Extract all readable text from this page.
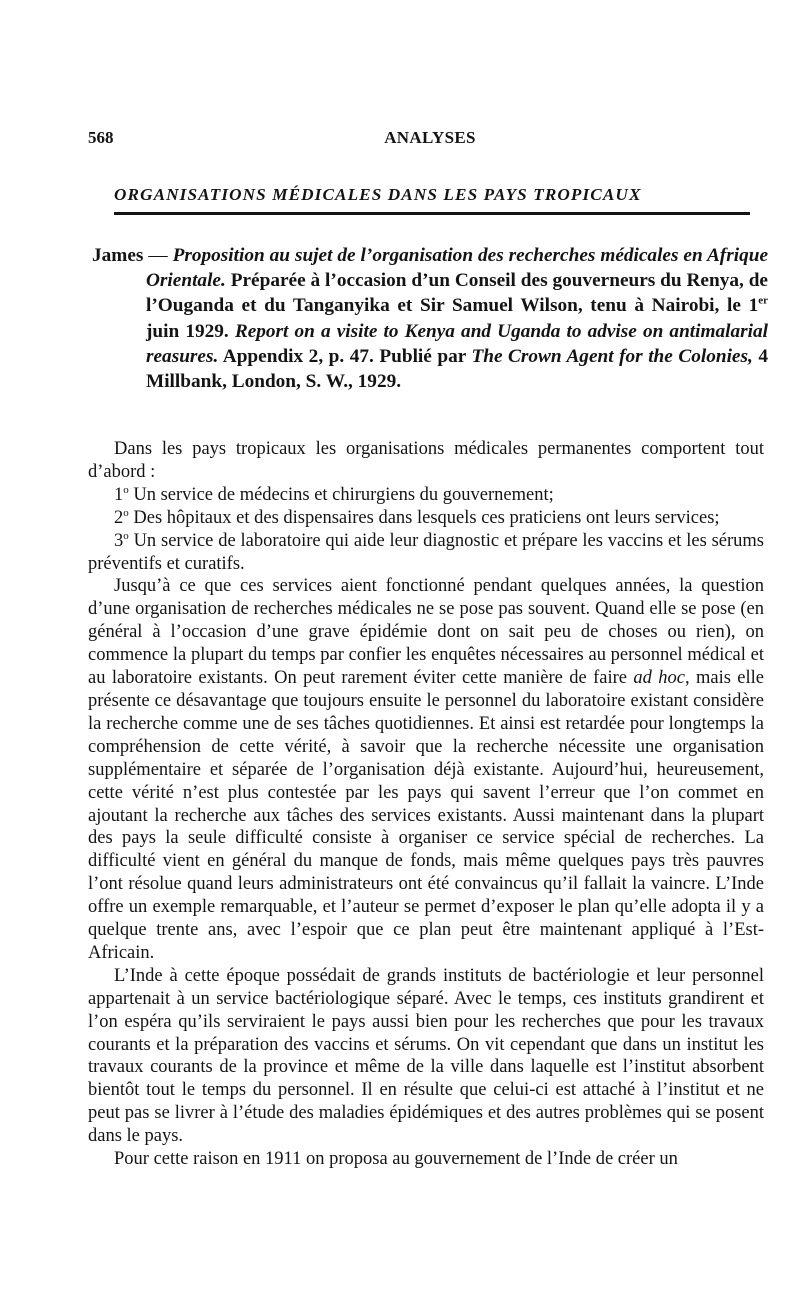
568	ANALYSES
ORGANISATIONS MÉDICALES DANS LES PAYS TROPICAUX

James — Proposition au sujet de l’organisation des recherches médicales en Afrique Orientale. Préparée à l’occasion d’un Conseil des gouverneurs du Renya, de l’Ouganda et du Tanganyika et Sir Samuel Wilson, tenu à Nairobi, le 1er juin 1929. Report on a visite to Kenya and Uganda to advise on antimalarial reasures. Appendix 2, p. 47. Publié par The Crown Agent for the Colonies, 4 Millbank, London, S. W., 1929.

Dans les pays tropicaux les organisations médicales permanentes comportent tout d’abord :

1$^o$ Un service de médecins et chirurgiens du gouvernement;

2$^o$ Des hôpitaux et des dispensaires dans lesquels ces praticiens ont leurs services;

3$^o$ Un service de laboratoire qui aide leur diagnostic et prépare les vaccins et les sérums préventifs et curatifs.

Jusqu’à ce que ces services aient fonctionné pendant quelques années, la question d’une organisation de recherches médicales ne se pose pas souvent. Quand elle se pose (en général à l’occasion d’une grave épidémie dont on sait peu de choses ou rien), on commence la plupart du temps par confier les enquêtes nécessaires au personnel médical et au laboratoire existants. On peut rarement éviter cette manière de faire ad hoc, mais elle présente ce désavantage que toujours ensuite le personnel du laboratoire existant considère la recherche comme une de ses tâches quotidiennes. Et ainsi est retardée pour longtemps la compréhension de cette vérité, à savoir que la recherche nécessite une organisation supplémentaire et séparée de l’organisation déjà existante. Aujourd’hui, heureusement, cette vérité n’est plus contestée par les pays qui savent l’erreur que l’on commet en ajoutant la recherche aux tâches des services existants. Aussi maintenant dans la plupart des pays la seule difficulté consiste à organiser ce service spécial de recherches. La difficulté vient en général du manque de fonds, mais même quelques pays très pauvres l’ont résolue quand leurs administrateurs ont été convaincus qu’il fallait la vaincre. L’Inde offre un exemple remarquable, et l’auteur se permet d’exposer le plan qu’elle adopta il y a quelque trente ans, avec l’espoir que ce plan peut être maintenant appliqué à l’Est-Africain.

L’Inde à cette époque possédait de grands instituts de bactériologie et leur personnel appartenait à un service bactériologique séparé. Avec le temps, ces instituts grandirent et l’on espéra qu’ils serviraient le pays aussi bien pour les recherches que pour les travaux courants et la préparation des vaccins et sérums. On vit cependant que dans un institut les travaux courants de la province et même de la ville dans laquelle est l’institut absorbent bientôt tout le temps du personnel. Il en résulte que celui-ci est attaché à l’institut et ne peut pas se livrer à l’étude des maladies épidémiques et des autres problèmes qui se posent dans le pays.

Pour cette raison en 1911 on proposa au gouvernement de l’Inde de créer un
